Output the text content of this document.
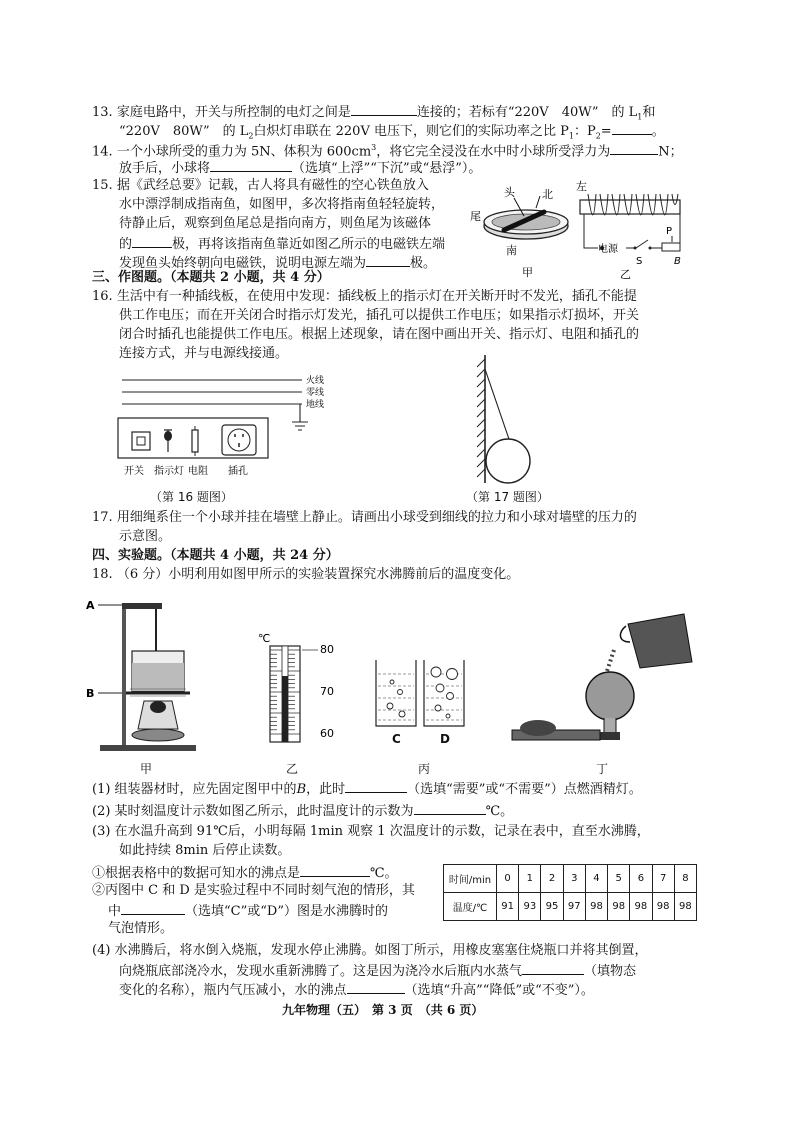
13. 家庭电路中，开关与所控制的电灯之间是	连接的；若标有“220V　40W”　的 $L_1$和
“220V　80W”　的 $L_2$白炽灯串联在 220V 电压下，则它们的实际功率之比 $P_1$：$P_2=$	。
14. 一个小球所受的重力为 5N、体积为 $600cm^3$，将它完全浸没在水中时小球所受浮力为	N；
放手后，小球将	（选填“上浮”“下沉”或“悬浮”）。
15. 据《武经总要》记载，古人将具有磁性的空心铁鱼放入
水中漂浮制成指南鱼，如图甲，多次将指南鱼轻轻旋转，
待静止后，观察到鱼尾总是指向南方，则鱼尾为该磁体
的	极，再将该指南鱼靠近如图乙所示的电磁铁左端
发现鱼头始终朝向电磁铁，说明电源左端为	极。
头 北
尾
南
甲
左
电源
S
P
B
乙
三、作图题。（本题共 2 小题，共 4 分）
16. 生活中有一种插线板，在使用中发现：插线板上的指示灯在开关断开时不发光，插孔不能提
供工作电压；而在开关闭合时指示灯发光，插孔可以提供工作电压；如果指示灯损坏，开关
闭合时插孔也能提供工作电压。根据上述现象，请在图中画出开关、指示灯、电阻和插孔的
连接方式，并与电源线接通。
火线
零线
地线
开关 指示灯 电阻 插孔
（第 16 题图）	（第 17 题图）
17. 用细绳系住一个小球并挂在墙壁上静止。请画出小球受到细线的拉力和小球对墙壁的压力的
示意图。
四、实验题。（本题共 4 小题，共 24 分）
18. （6 分）小明利用如图甲所示的实验装置探究水沸腾前后的温度变化。
A
B
甲
℃
80
70
60
乙
C	D
丙	丁
(1) 组装器材时，应先固定图甲中的B，此时	（选填“需要”或“不需要”）点燃酒精灯。
(2) 某时刻温度计示数如图乙所示，此时温度计的示数为	℃。
(3) 在水温升高到 91℃后，小明每隔 1min 观察 1 次温度计的示数，记录在表中，直至水沸腾，
如此持续 8min 后停止读数。
①根据表格中的数据可知水的沸点是	℃。
②丙图中 C 和 D 是实验过程中不同时刻气泡的情形，其
中	（选填“C”或“D”）图是水沸腾时的
气泡情形。
时间/min	0	1	2	3	4	5	6	7	8
温度/℃	91	93	95	97	98	98	98	98	98
(4) 水沸腾后，将水倒入烧瓶，发现水停止沸腾。如图丁所示，用橡皮塞塞住烧瓶口并将其倒置，
向烧瓶底部浇冷水，发现水重新沸腾了。这是因为浇冷水后瓶内水蒸气	（填物态
变化的名称），瓶内气压减小，水的沸点	（选填“升高”“降低”或“不变”）。
九年物理（五）　第 3 页　（共 6 页）
